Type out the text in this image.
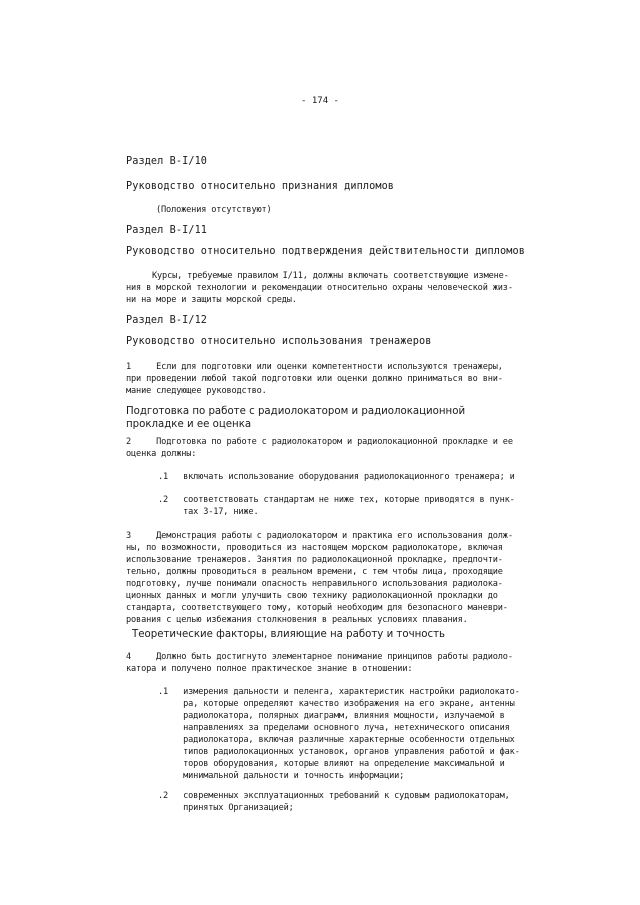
- 174 -
Раздел B-I/10
Руководство относительно признания дипломов
(Положения отсутствуют)
Раздел B-I/11
Руководство относительно подтверждения действительности дипломов
Курсы, требуемые правилом I/11, должны включать соответствующие измене-
ния в морской технологии и рекомендации относительно охраны человеческой жиз-
ни на море и защиты морской среды.
Раздел B-I/12
Руководство относительно использования тренажеров
1     Если для подготовки или оценки компетентности используются тренажеры,
при проведении любой такой подготовки или оценки должно приниматься во вни-
мание следующее руководство.
Подготовка по работе с радиолокатором и радиолокационной
прокладке и ее оценка
2     Подготовка по работе с радиолокатором и радиолокационной прокладке и ее
оценка должны:
.1   включать использование оборудования радиолокационного тренажера; и
.2   соответствовать стандартам не ниже тех, которые приводятся в пунк-
тах 3-17, ниже.
3     Демонстрация работы с радиолокатором и практика его использования долж-
ны, по возможности, проводиться из настоящем морском радиолокаторе, включая
использование тренажеров. Занятия по радиолокационной прокладке, предпочти-
тельно, должны проводиться в реальном времени, с тем чтобы лица, проходящие
подготовку, лучше понимали опасность неправильного использования радиолока-
ционных данных и могли улучшить свою технику радиолокационной прокладки до
стандарта, соответствующего тому, который необходим для безопасного маневри-
рования с целью избежания столкновения в реальных условиях плавания.
Теоретические факторы, влияющие на работу и точность
4     Должно быть достигнуто элементарное понимание принципов работы радиоло-
катора и получено полное практическое знание в отношении:
.1   измерения дальности и пеленга, характеристик настройки радиолокато-
ра, которые определяют качество изображения на его экране, антенны
радиолокатора, полярных диаграмм, влияния мощности, излучаемой в
направлениях за пределами основного луча, нетехнического описания
радиолокатора, включая различные характерные особенности отдельных
типов радиолокационных установок, органов управления работой и фак-
торов оборудования, которые влияют на определение максимальной и
минимальной дальности и точность информации;
.2   современных эксплуатационных требований к судовым радиолокаторам,
принятых Организацией;
